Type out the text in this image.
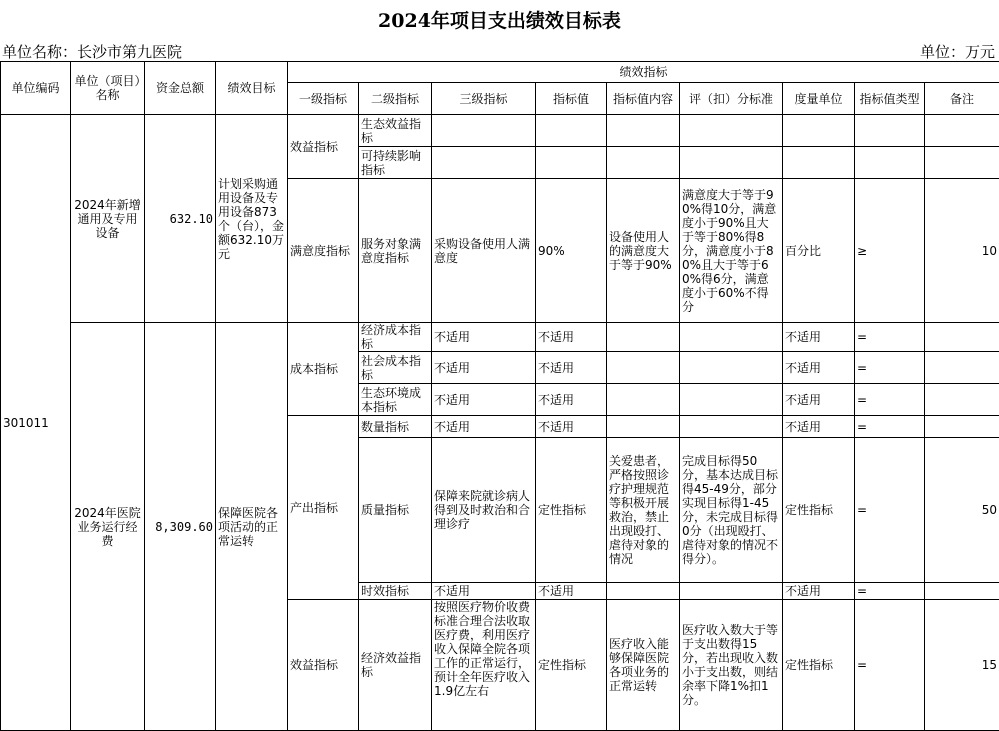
2024年项目支出绩效目标表
单位名称：长沙市第九医院	单位：万元
单位编码	单位（项目）名称	资金总额	绩效目标	绩效指标								
				一级指标	二级指标	三级指标	指标值	指标值内容	评（扣）分标准	度量单位	指标值类型	备注
301011	2024年新增通用及专用设备	632.10	计划采购通用设备及专用设备873个（台），金额632.10万元	效益指标	生态效益指标							
					可持续影响指标							
				满意度指标	服务对象满意度指标	采购设备使用人满意度	90%	设备使用人的满意度大于等于90%	满意度大于等于90%得10分，满意度小于90%且大于等于80%得8分，满意度小于80%且大于等于60%得6分，满意度小于60%不得分	百分比	≥	10
	2024年医院业务运行经费	8,309.60	保障医院各项活动的正常运转	成本指标	经济成本指标	不适用	不适用			不适用	=	
					社会成本指标	不适用	不适用			不适用	=	
					生态环境成本指标	不适用	不适用			不适用	=	
				产出指标	数量指标	不适用	不适用			不适用	=	
					质量指标	保障来院就诊病人得到及时救治和合理诊疗	定性指标	关爱患者，严格按照诊疗护理规范等积极开展救治，禁止出现殴打、虐待对象的情况	完成目标得50分，基本达成目标得45-49分，部分实现目标得1-45分，未完成目标得0分（出现殴打、虐待对象的情况不得分）。	定性指标	=	50
					时效指标	不适用	不适用			不适用	=	
				效益指标	经济效益指标	按照医疗物价收费标准合理合法收取医疗费，利用医疗收入保障全院各项工作的正常运行，预计全年医疗收入1.9亿左右	定性指标	医疗收入能够保障医院各项业务的正常运转	医疗收入数大于等于支出数得15分，若出现收入数小于支出数，则结余率下降1%扣1分。	定性指标	=	15
